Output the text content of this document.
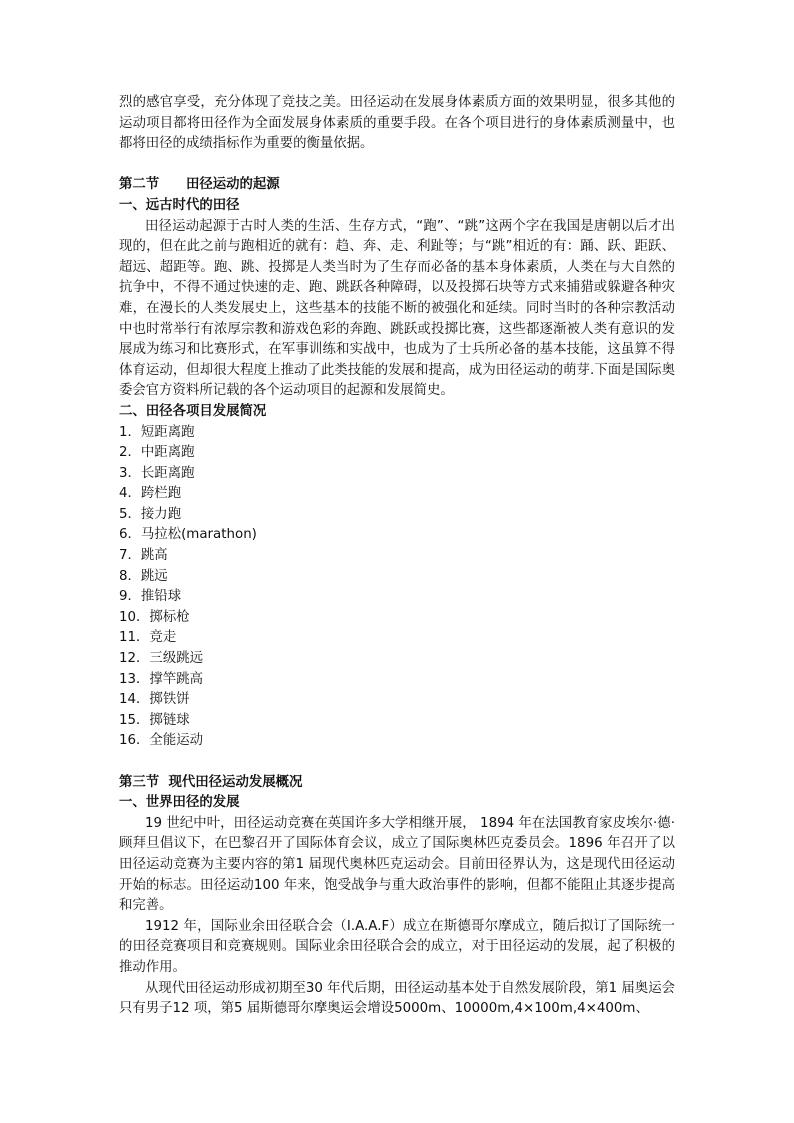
烈的感官享受，充分体现了竞技之美。田径运动在发展身体素质方面的效果明显，很多其他的运动项目都将田径作为全面发展身体素质的重要手段。在各个项目进行的身体素质测量中，也都将田径的成绩指标作为重要的衡量依据。

第二节　　田径运动的起源

一、远古时代的田径

田径运动起源于古时人类的生活、生存方式，“跑”、“跳”这两个字在我国是唐朝以后才出现的，但在此之前与跑相近的就有：趋、奔、走、利趾等；与“跳”相近的有：踊、跃、距跃、超远、超距等。跑、跳、投掷是人类当时为了生存而必备的基本身体素质，人类在与大自然的抗争中，不得不通过快速的走、跑、跳跃各种障碍，以及投掷石块等方式来捕猎或躲避各种灾难，在漫长的人类发展史上，这些基本的技能不断的被强化和延续。同时当时的各种宗教活动中也时常举行有浓厚宗教和游戏色彩的奔跑、跳跃或投掷比赛，这些都逐渐被人类有意识的发展成为练习和比赛形式，在军事训练和实战中，也成为了士兵所必备的基本技能，这虽算不得体育运动，但却很大程度上推动了此类技能的发展和提高，成为田径运动的萌芽.下面是国际奥委会官方资料所记载的各个运动项目的起源和发展简史。

二、田径各项目发展简况

1．短距离跑

2．中距离跑

3．长距离跑

4．跨栏跑

5．接力跑

6．马拉松(marathon)

7．跳高

8．跳远

9．推铅球

10．掷标枪

11．竞走

12．三级跳远

13．撑竿跳高

14．掷铁饼

15．掷链球

16．全能运动

第三节  现代田径运动发展概况

一、世界田径的发展

19 世纪中叶，田径运动竞赛在英国许多大学相继开展， 1894 年在法国教育家皮埃尔·德·顾拜旦倡议下，在巴黎召开了国际体育会议，成立了国际奥林匹克委员会。1896 年召开了以田径运动竞赛为主要内容的第1 届现代奥林匹克运动会。目前田径界认为，这是现代田径运动开始的标志。田径运动100 年来，饱受战争与重大政治事件的影响，但都不能阻止其逐步提高和完善。

1912 年，国际业余田径联合会（I.A.A.F）成立在斯德哥尔摩成立，随后拟订了国际统一的田径竞赛项目和竞赛规则。国际业余田径联合会的成立，对于田径运动的发展，起了积极的推动作用。

从现代田径运动形成初期至30 年代后期，田径运动基本处于自然发展阶段，第1 届奥运会只有男子12 项，第5 届斯德哥尔摩奥运会增设5000m、10000m,4×100m,4×400m、
